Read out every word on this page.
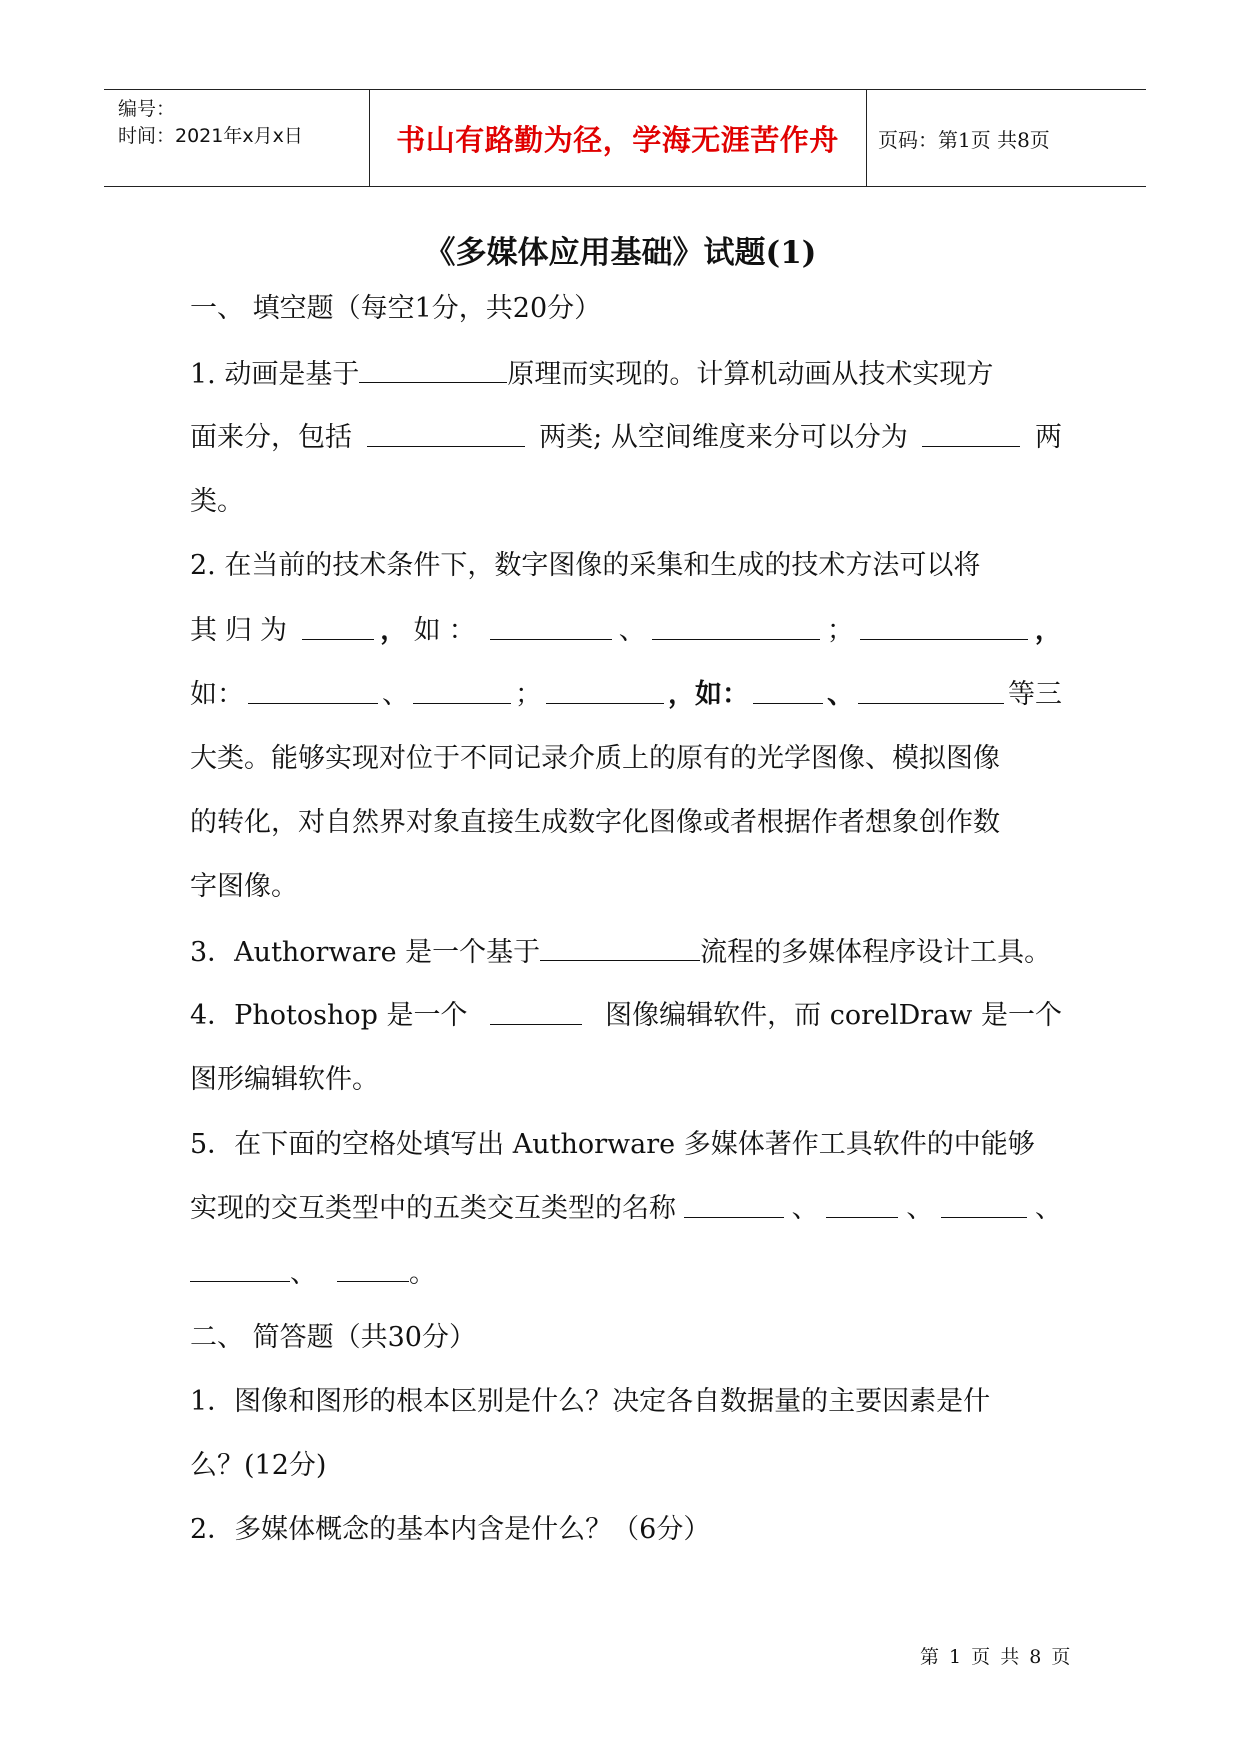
编号：
时间：2021年x月x日	书山有路勤为径，学海无涯苦作舟	页码：第1页 共8页
《多媒体应用基础》试题(1)
一、 填空题（每空1分，共20分）
1. 动画是基于	原理而实现的。计算机动画从技术实现方
面来分，包括	两类; 从空间维度来分可以分为	两
类。
2. 在当前的技术条件下，数字图像的采集和生成的技术方法可以将
其归为	， 如：	、	；	，
如：	、	；	，如：	、	等三
大类。能够实现对位于不同记录介质上的原有的光学图像、模拟图像
的转化，对自然界对象直接生成数字化图像或者根据作者想象创作数
字图像。
3．Authorware 是一个基于	流程的多媒体程序设计工具。
4．Photoshop 是一个	图像编辑软件，而 corelDraw 是一个
图形编辑软件。
5．在下面的空格处填写出 Authorware 多媒体著作工具软件的中能够
实现的交互类型中的五类交互类型的名称	、	、	、
、	。
二、 简答题（共30分）
1．图像和图形的根本区别是什么？决定各自数据量的主要因素是什
么？(12分)
2．多媒体概念的基本内含是什么？（6分）
第 1 页 共 8 页
